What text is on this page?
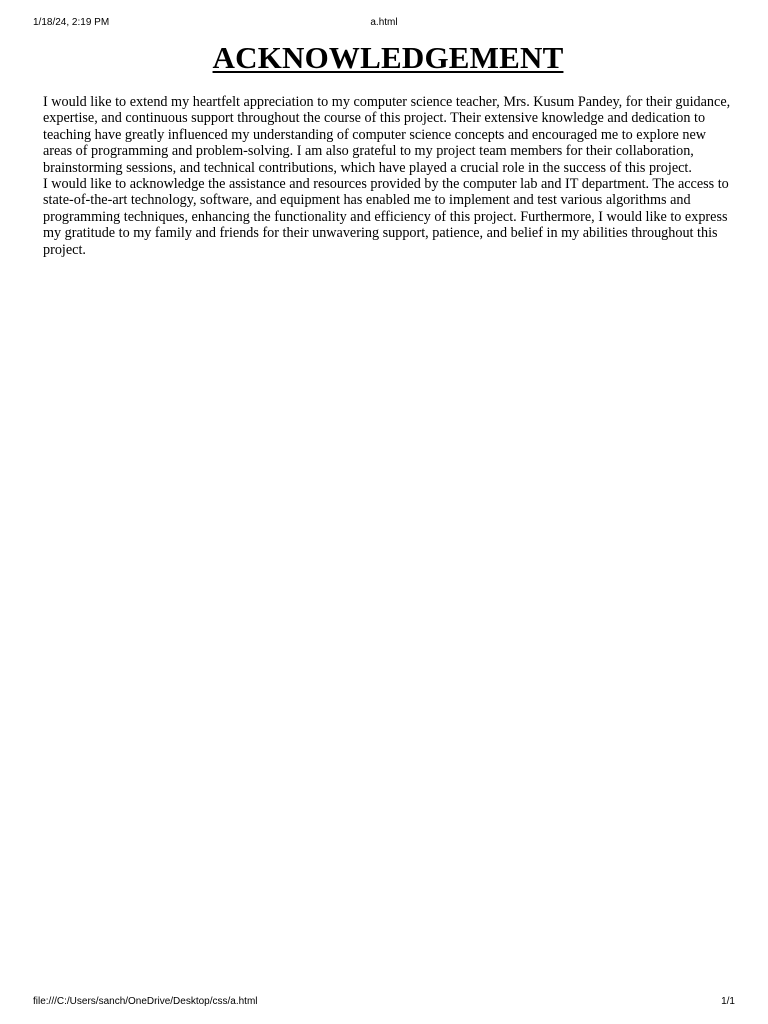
1/18/24, 2:19 PM	a.html
ACKNOWLEDGEMENT

I would like to extend my heartfelt appreciation to my computer science teacher, Mrs. Kusum Pandey, for their guidance, expertise, and continuous support throughout the course of this project. Their extensive knowledge and dedication to teaching have greatly influenced my understanding of computer science concepts and encouraged me to explore new areas of programming and problem-solving. I am also grateful to my project team members for their collaboration, brainstorming sessions, and technical contributions, which have played a crucial role in the success of this project.

I would like to acknowledge the assistance and resources provided by the computer lab and IT department. The access to state-of-the-art technology, software, and equipment has enabled me to implement and test various algorithms and programming techniques, enhancing the functionality and efficiency of this project. Furthermore, I would like to express my gratitude to my family and friends for their unwavering support, patience, and belief in my abilities throughout this project.

file:///C:/Users/sanch/OneDrive/Desktop/css/a.html	1/1
